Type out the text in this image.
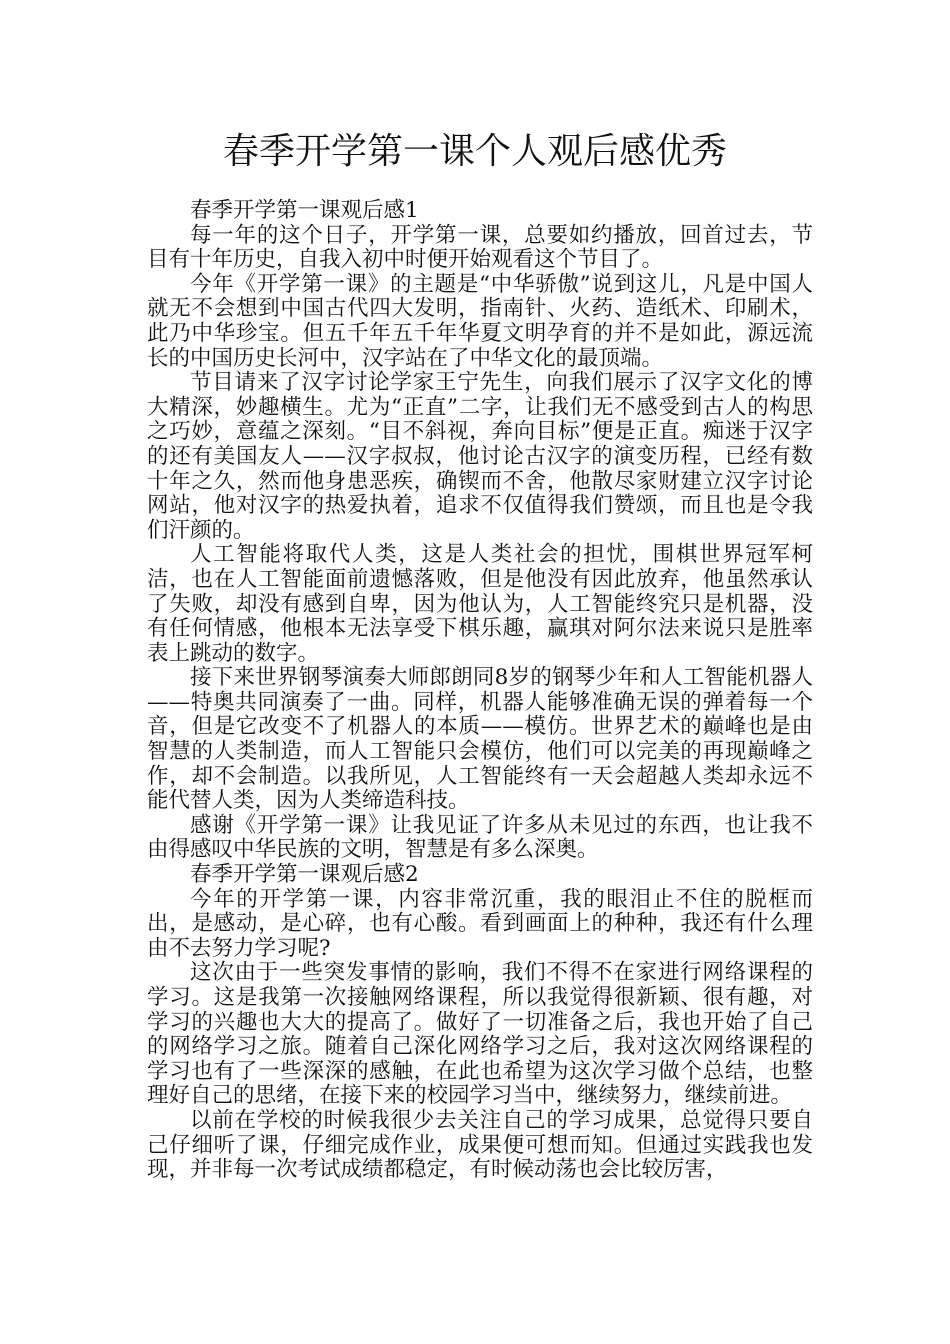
春季开学第一课个人观后感优秀

春季开学第一课观后感1

每一年的这个日子，开学第一课，总要如约播放，回首过去，节目有十年历史，自我入初中时便开始观看这个节目了。

今年《开学第一课》的主题是“中华骄傲”说到这儿，凡是中国人就无不会想到中国古代四大发明，指南针、火药、造纸术、印刷术，此乃中华珍宝。但五千年五千年华夏文明孕育的并不是如此，源远流长的中国历史长河中，汉字站在了中华文化的最顶端。

节目请来了汉字讨论学家王宁先生，向我们展示了汉字文化的博大精深，妙趣横生。尤为“正直”二字，让我们无不感受到古人的构思之巧妙，意蕴之深刻。“目不斜视，奔向目标”便是正直。痴迷于汉字的还有美国友人——汉字叔叔，他讨论古汉字的演变历程，已经有数十年之久，然而他身患恶疾，确锲而不舍，他散尽家财建立汉字讨论网站，他对汉字的热爱执着，追求不仅值得我们赞颂，而且也是令我们汗颜的。

人工智能将取代人类，这是人类社会的担忧，围棋世界冠军柯洁，也在人工智能面前遗憾落败，但是他没有因此放弃，他虽然承认了失败，却没有感到自卑，因为他认为，人工智能终究只是机器，没有任何情感，他根本无法享受下棋乐趣，赢琪对阿尔法来说只是胜率表上跳动的数字。

接下来世界钢琴演奏大师郎朗同8岁的钢琴少年和人工智能机器人——特奥共同演奏了一曲。同样，机器人能够准确无误的弹着每一个音，但是它改变不了机器人的本质——模仿。世界艺术的巅峰也是由智慧的人类制造，而人工智能只会模仿，他们可以完美的再现巅峰之作，却不会制造。以我所见，人工智能终有一天会超越人类却永远不能代替人类，因为人类缔造科技。

感谢《开学第一课》让我见证了许多从未见过的东西，也让我不由得感叹中华民族的文明，智慧是有多么深奥。

春季开学第一课观后感2

今年的开学第一课，内容非常沉重，我的眼泪止不住的脱框而出，是感动，是心碎，也有心酸。看到画面上的种种，我还有什么理由不去努力学习呢?

这次由于一些突发事情的影响，我们不得不在家进行网络课程的学习。这是我第一次接触网络课程，所以我觉得很新颖、很有趣，对学习的兴趣也大大的提高了。做好了一切准备之后，我也开始了自己的网络学习之旅。随着自己深化网络学习之后，我对这次网络课程的学习也有了一些深深的感触，在此也希望为这次学习做个总结，也整理好自己的思绪，在接下来的校园学习当中，继续努力，继续前进。

以前在学校的时候我很少去关注自己的学习成果，总觉得只要自己仔细听了课，仔细完成作业，成果便可想而知。但通过实践我也发现，并非每一次考试成绩都稳定，有时候动荡也会比较厉害，
